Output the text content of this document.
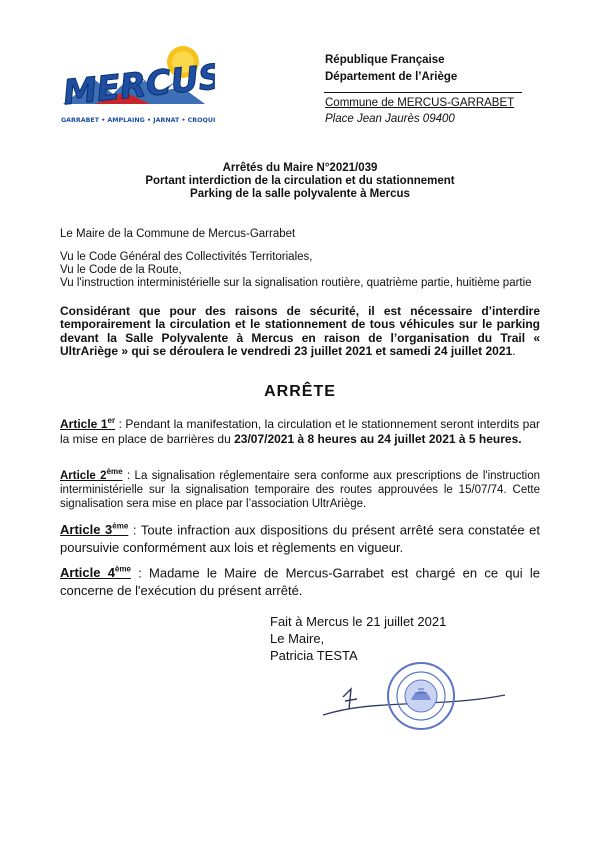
MERCUS
GARRABET • AMPLAING • JARNAT • CROQUIE
République Française
Département de l’Ariège
Commune de MERCUS-GARRABET
Place Jean Jaurès 09400
Arrêtés du Maire N°2021/039
Portant interdiction de la circulation et du stationnement
Parking de la salle polyvalente à Mercus
Le Maire de la Commune de Mercus-Garrabet
Vu le Code Général des Collectivités Territoriales,
Vu le Code de la Route,
Vu l'instruction interministérielle sur la signalisation routière, quatrième partie, huitième partie
Considérant que pour des raisons de sécurité, il est nécessaire d’interdire temporairement la circulation et le stationnement de tous véhicules sur le parking devant la Salle Polyvalente à Mercus en raison de l’organisation du Trail « UltrAriège » qui se déroulera le vendredi 23 juillet 2021 et samedi 24 juillet 2021.
ARRÊTE
Article 1er : Pendant la manifestation, la circulation et le stationnement seront interdits par la mise en place de barrières du 23/07/2021 à 8 heures au 24 juillet 2021 à 5 heures.
Article 2ème : La signalisation réglementaire sera conforme aux prescriptions de l'instruction interministérielle sur la signalisation temporaire des routes approuvées le 15/07/74. Cette signalisation sera mise en place par l’association UltrAriège.
Article 3ème : Toute infraction aux dispositions du présent arrêté sera constatée et poursuivie conformément aux lois et règlements en vigueur.
Article 4ème : Madame le Maire de Mercus-Garrabet est chargé en ce qui le concerne de l'exécution du présent arrêté.
Fait à Mercus le 21 juillet 2021
Le Maire,
Patricia TESTA
